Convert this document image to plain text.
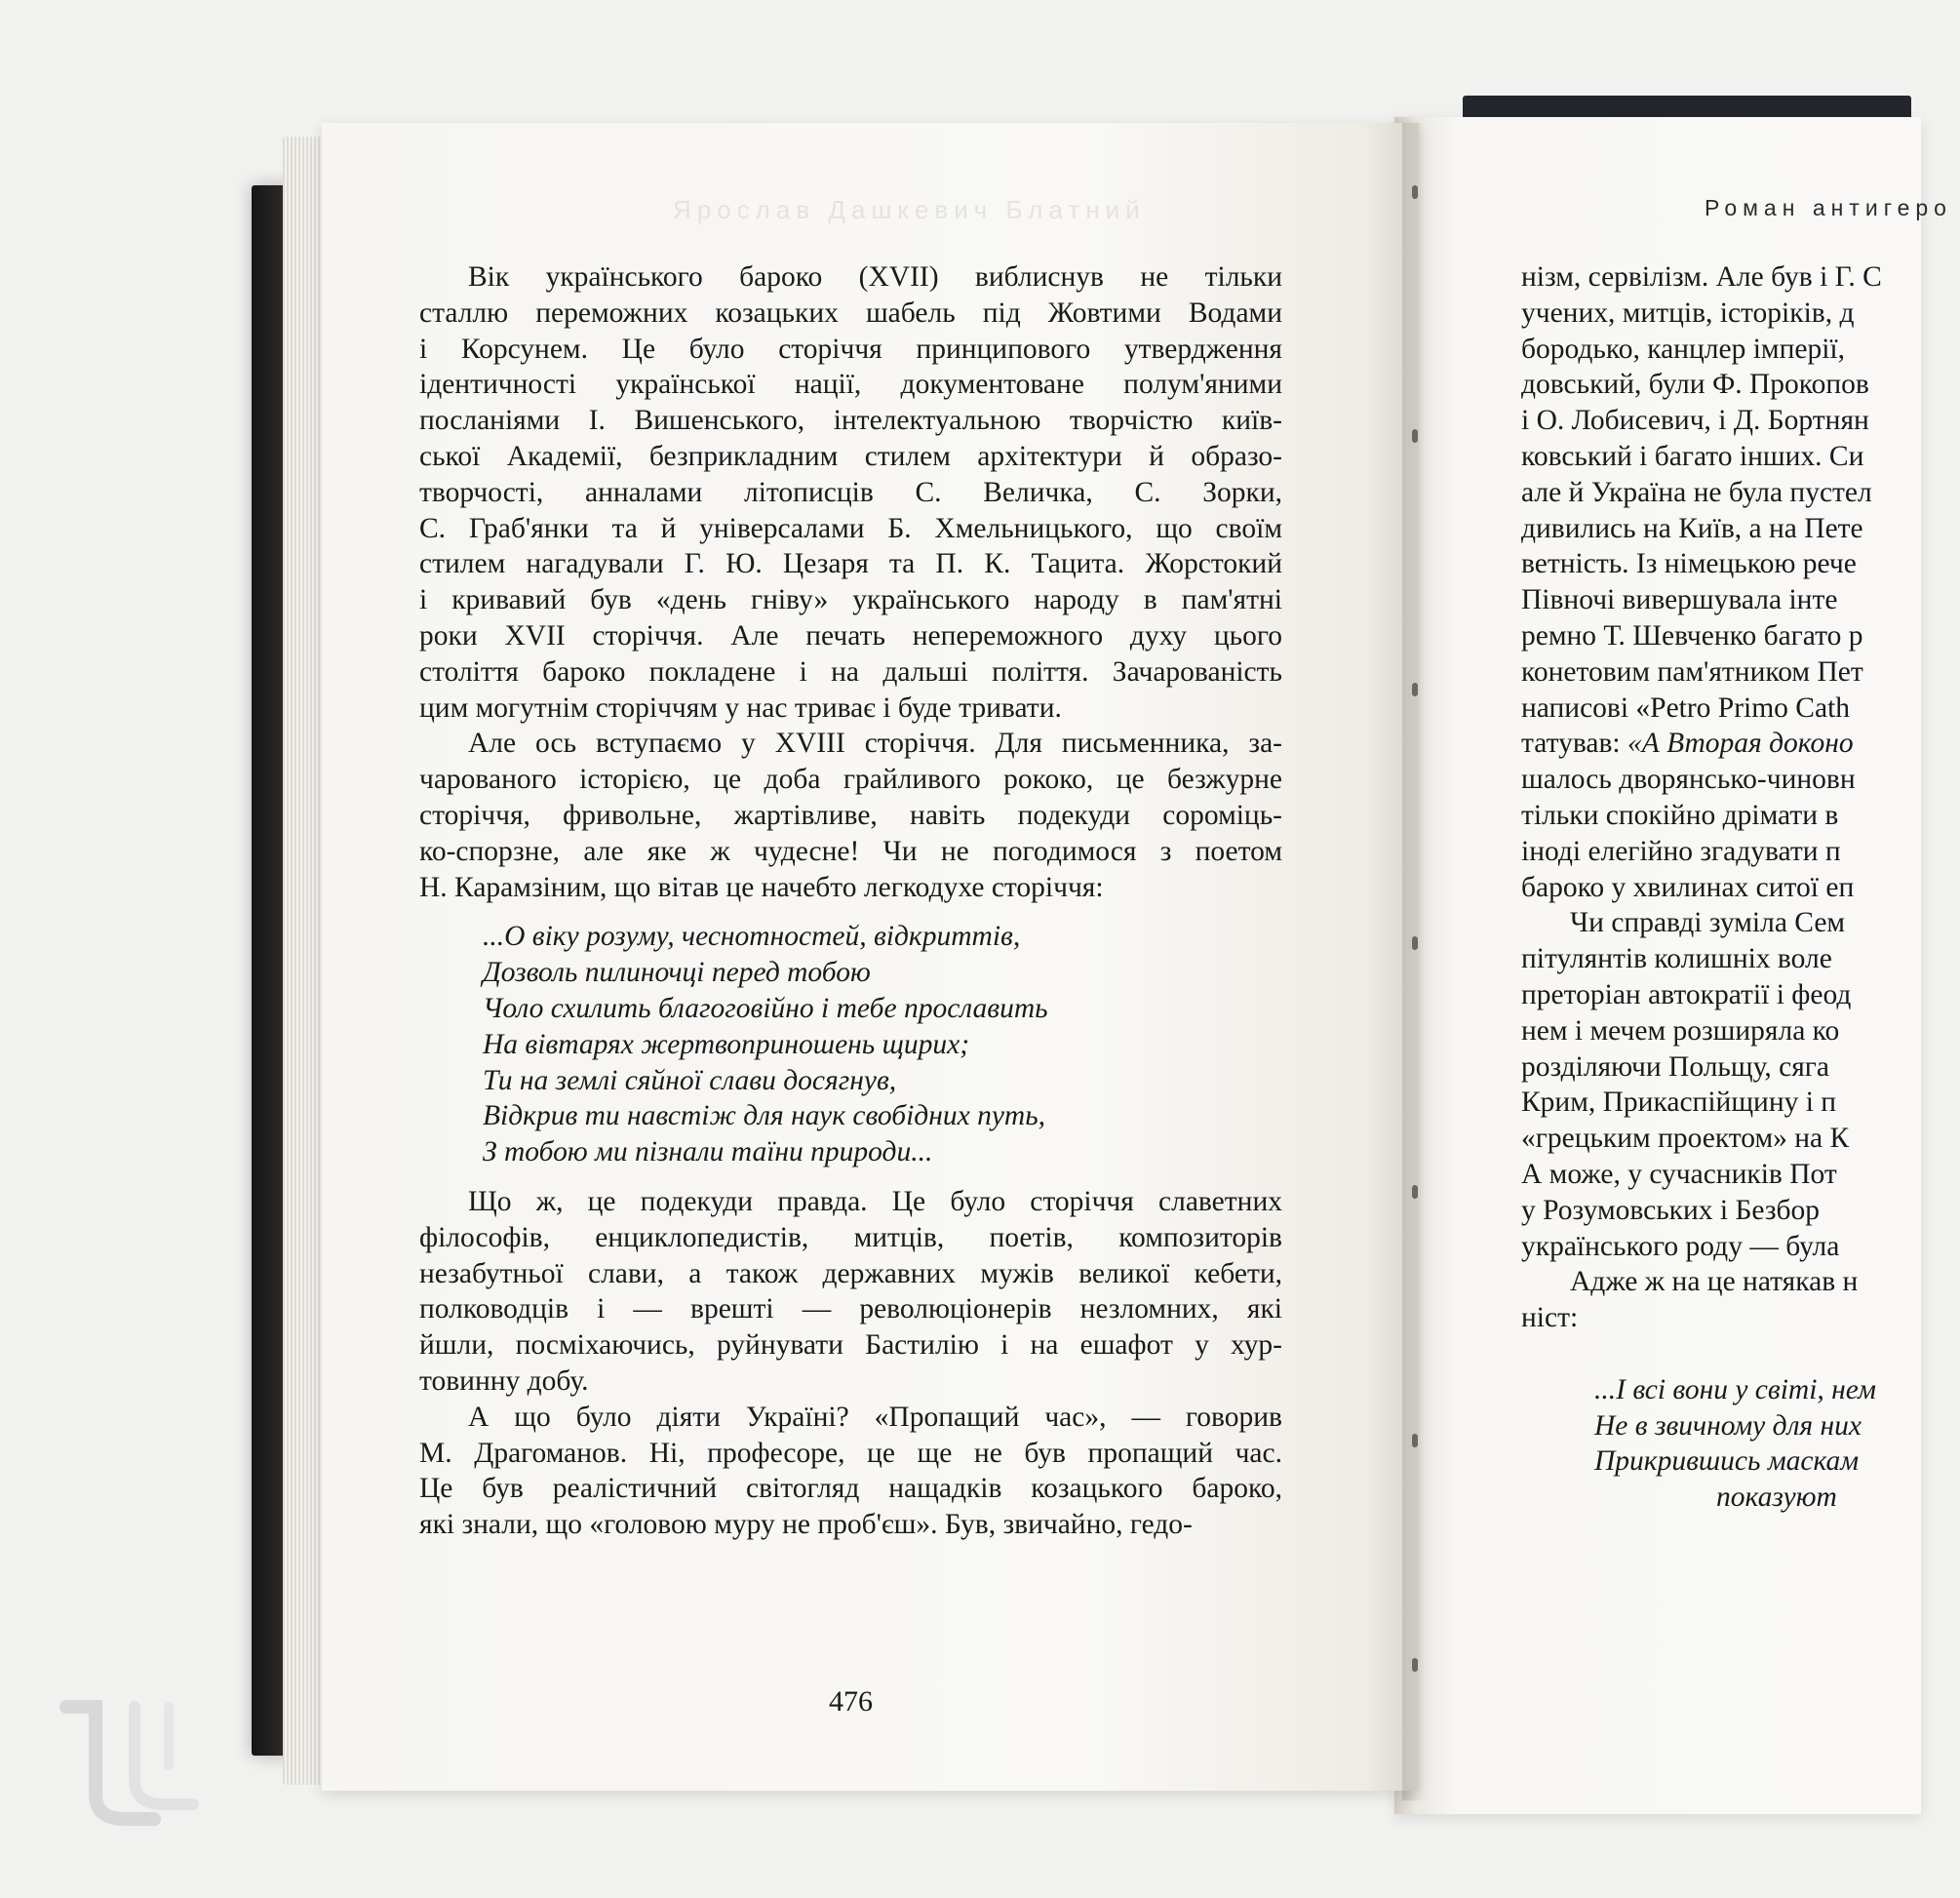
Ярослав Дашкевич Блатний	Роман антигеро

Вік українського бароко (XVII) виблиснув не тільки

сталлю переможних козацьких шабель під Жовтими Водами

і Корсунем. Це було сторіччя принципового утвердження

ідентичності української нації, документоване полум'яними

посланіями І. Вишенського, інтелектуальною творчістю київ-

ської Академії, безприкладним стилем архітектури й образо-

творчості, анналами літописців С. Величка, С. Зорки,

С. Граб'янки та й універсалами Б. Хмельницького, що своїм

стилем нагадували Г. Ю. Цезаря та П. К. Тацита. Жорстокий

і кривавий був «день гніву» українського народу в пам'ятні

роки XVII сторіччя. Але печать непереможного духу цього

століття бароко покладене і на дальші поліття. Зачарованість

цим могутнім сторіччям у нас триває і буде тривати.

Але ось вступаємо у XVIII сторіччя. Для письменника, за-

чарованого історією, це доба грайливого рококо, це безжурне

сторіччя, фривольне, жартівливе, навіть подекуди сороміць-

ко-спорзне, але яке ж чудесне! Чи не погодимося з поетом

Н. Карамзіним, що вітав це начебто легкодухе сторіччя:

...О віку розуму, чеснотностей, відкриттів,

Дозволь пилиночці перед тобою

Чоло схилить благоговійно і тебе прославить

На вівтарях жертвоприношень щирих;

Ти на землі сяйної слави досягнув,

Відкрив ти навстіж для наук свобідних путь,

З тобою ми пізнали таїни природи...

Що ж, це подекуди правда. Це було сторіччя славетних

філософів, енциклопедистів, митців, поетів, композиторів

незабутньої слави, а також державних мужів великої кебети,

полководців і — врешті — революціонерів незломних, які

йшли, посміхаючись, руйнувати Бастилію і на ешафот у хур-

товинну добу.

А що було діяти Україні? «Пропащий час», — говорив

М. Драгоманов. Ні, професоре, це ще не був пропащий час.

Це був реалістичний світогляд нащадків козацького бароко,

які знали, що «головою муру не проб'єш». Був, звичайно, гедо-

476
нізм, сервілізм. Але був і Г. С
учених, митців, історіків, д
бородько, канцлер імперії,
довський, були Ф. Прокопов
і О. Лобисевич, і Д. Бортнян
ковський і багато інших. Си
але й Україна не була пустел
дивились на Київ, а на Пете
ветність. Із німецькою рече
Півночі вивершувала інте
ремно Т. Шевченко багато р
конетовим пам'ятником Пет
написові «Petro Primo Cath
татував: «А Вторая доконо
шалось дворянсько-чиновн
тільки спокійно дрімати в
іноді елегійно згадувати п
бароко у хвилинах ситої еп
Чи справді зуміла Сем
пітулянтів колишніх воле
преторіан автократії і феод
нем і мечем розширяла ко
розділяючи Польщу, сяга
Крим, Прикаспійщину і п
«грецьким проектом» на К
А може, у сучасників Пот
у Розумовських і Безбор
українського роду — була
Адже ж на це натякав н
ніст:
...І всі вони у світі, нем
Не в звичному для них
Прикрившись маскам
показуют
